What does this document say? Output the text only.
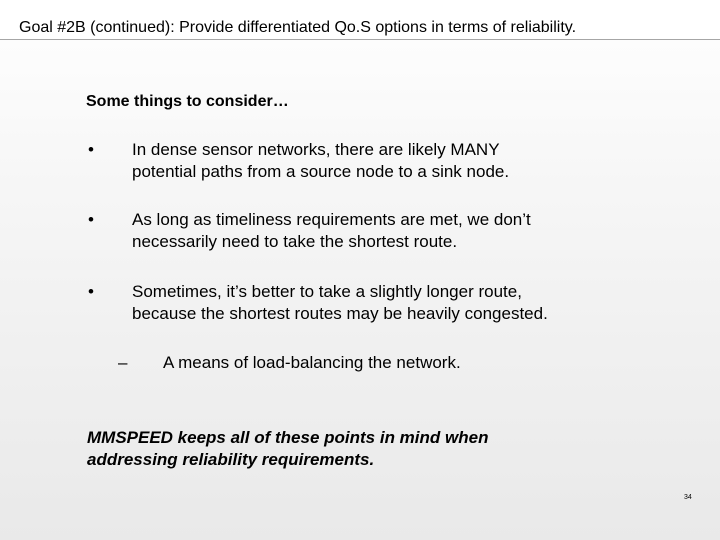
Goal #2B (continued): Provide differentiated Qo.S options in terms of reliability.
Some things to consider…
• In dense sensor networks, there are likely MANY
potential paths from a source node to a sink node.
• As long as timeliness requirements are met, we don’t
necessarily need to take the shortest route.
• Sometimes, it’s better to take a slightly longer route,
because the shortest routes may be heavily congested.
– A means of load-balancing the network.
MMSPEED keeps all of these points in mind when
addressing reliability requirements.
34
